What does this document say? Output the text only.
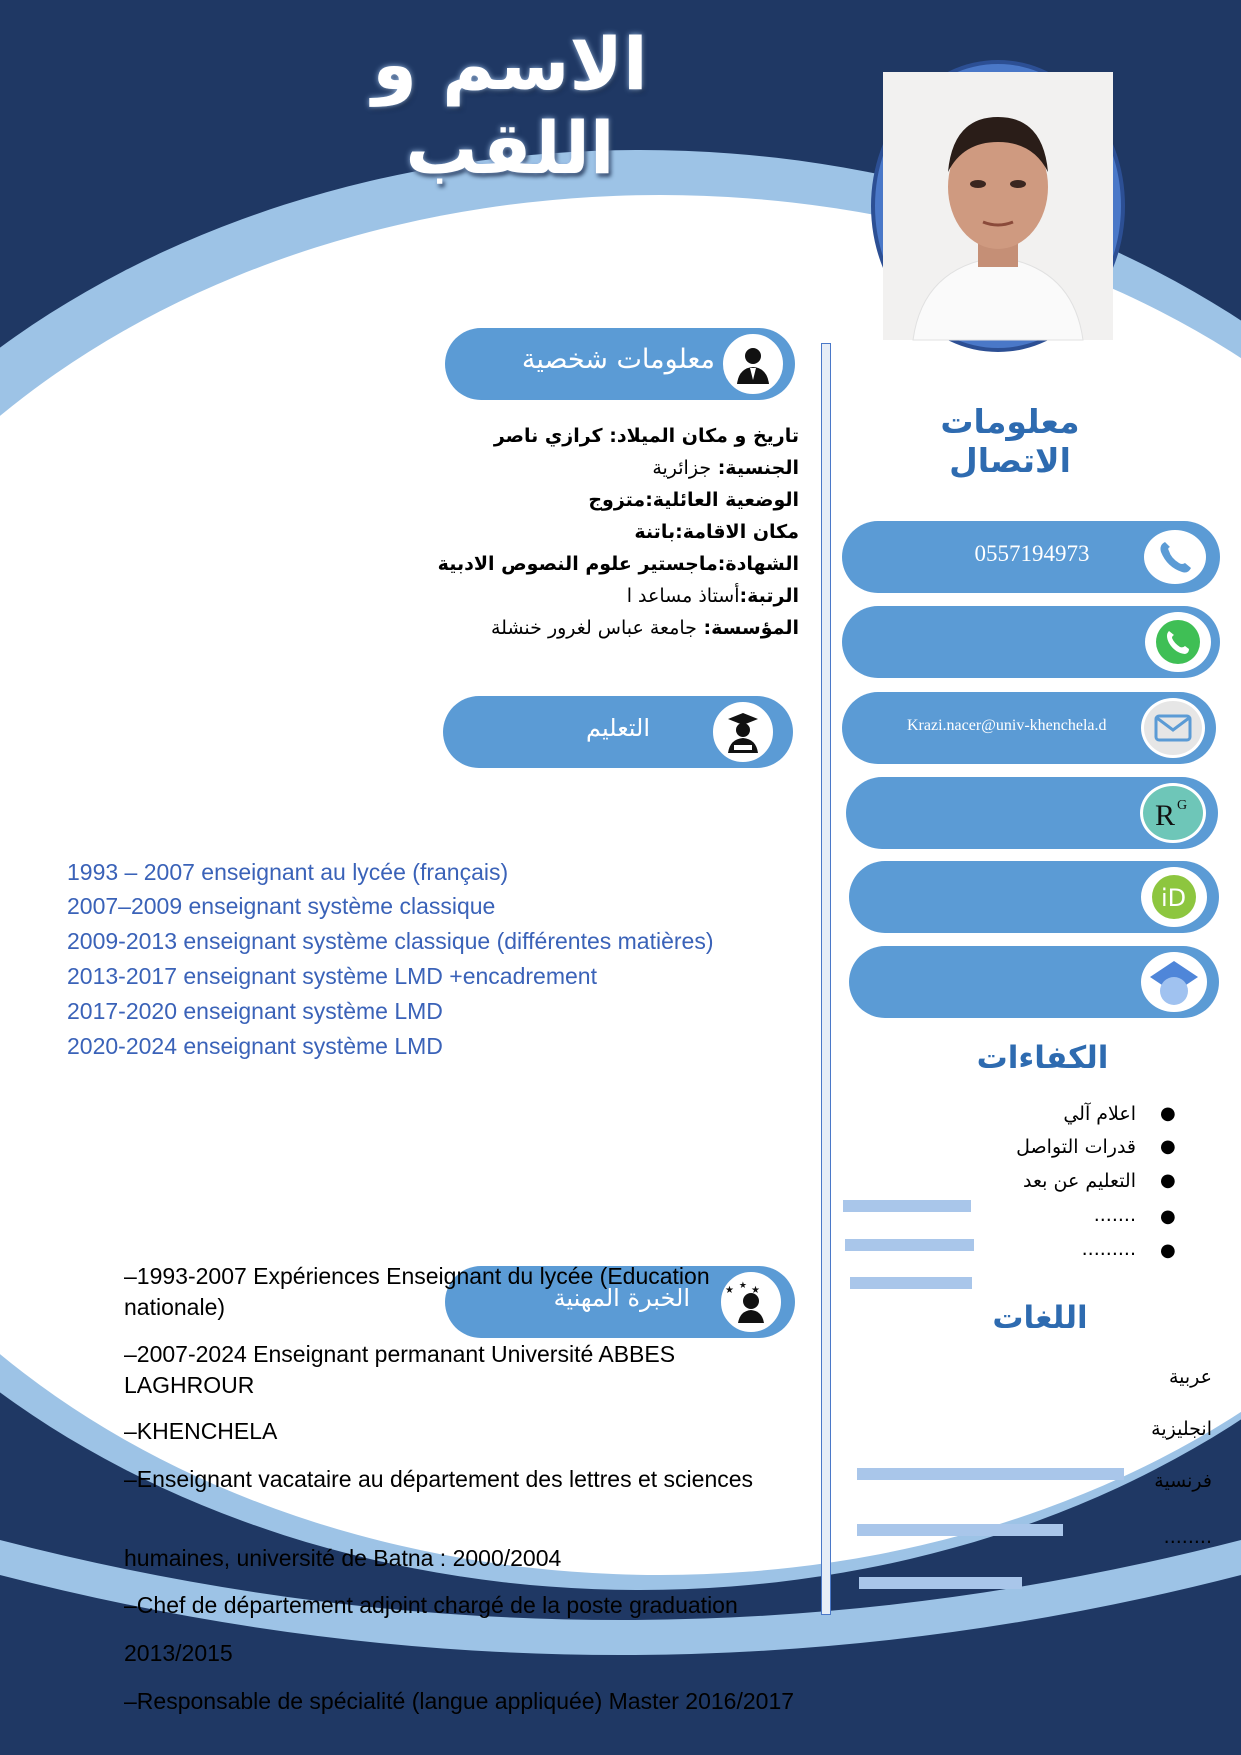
الاسم و اللقب
معلومات شخصية
تاريخ و مكان الميلاد: كرازي ناصر
الجنسية: جزائرية
الوضعية العائلية:متزوج
مكان الاقامة:باتنة
الشهادة:ماجستير علوم النصوص الادبية
الرتبة:أستاذ مساعد ا
المؤسسة: جامعة عباس لغرور خنشلة
التعليم
1993 – 2007 enseignant au lycée (français)
2007–2009 enseignant système classique
2009-2013 enseignant système classique (différentes matières)
2013-2017 enseignant système LMD +encadrement
2017-2020 enseignant système LMD
2020-2024 enseignant système LMD
★ ★
★
الخبرة المهنية
–1993-2007 Expériences Enseignant du lycée (Education nationale)
–2007-2024 Enseignant permanant Université ABBES LAGHROUR
–KHENCHELA
–Enseignant vacataire au département des lettres et sciences
humaines, université de Batna : 2000/2004
–Chef de département adjoint chargé de la poste graduation
2013/2015
–Responsable de spécialité (langue appliquée) Master 2016/2017
معلومات الاتصال
0557194973
Krazi.nacer@univ-khenchela.d
R G
iD
الكفاءات
اعلام آلي ●
قدرات التواصل ●
التعليم عن بعد ●
....... ●
......... ●
اللغات
عربية
انجليزية
فرنسية
........
